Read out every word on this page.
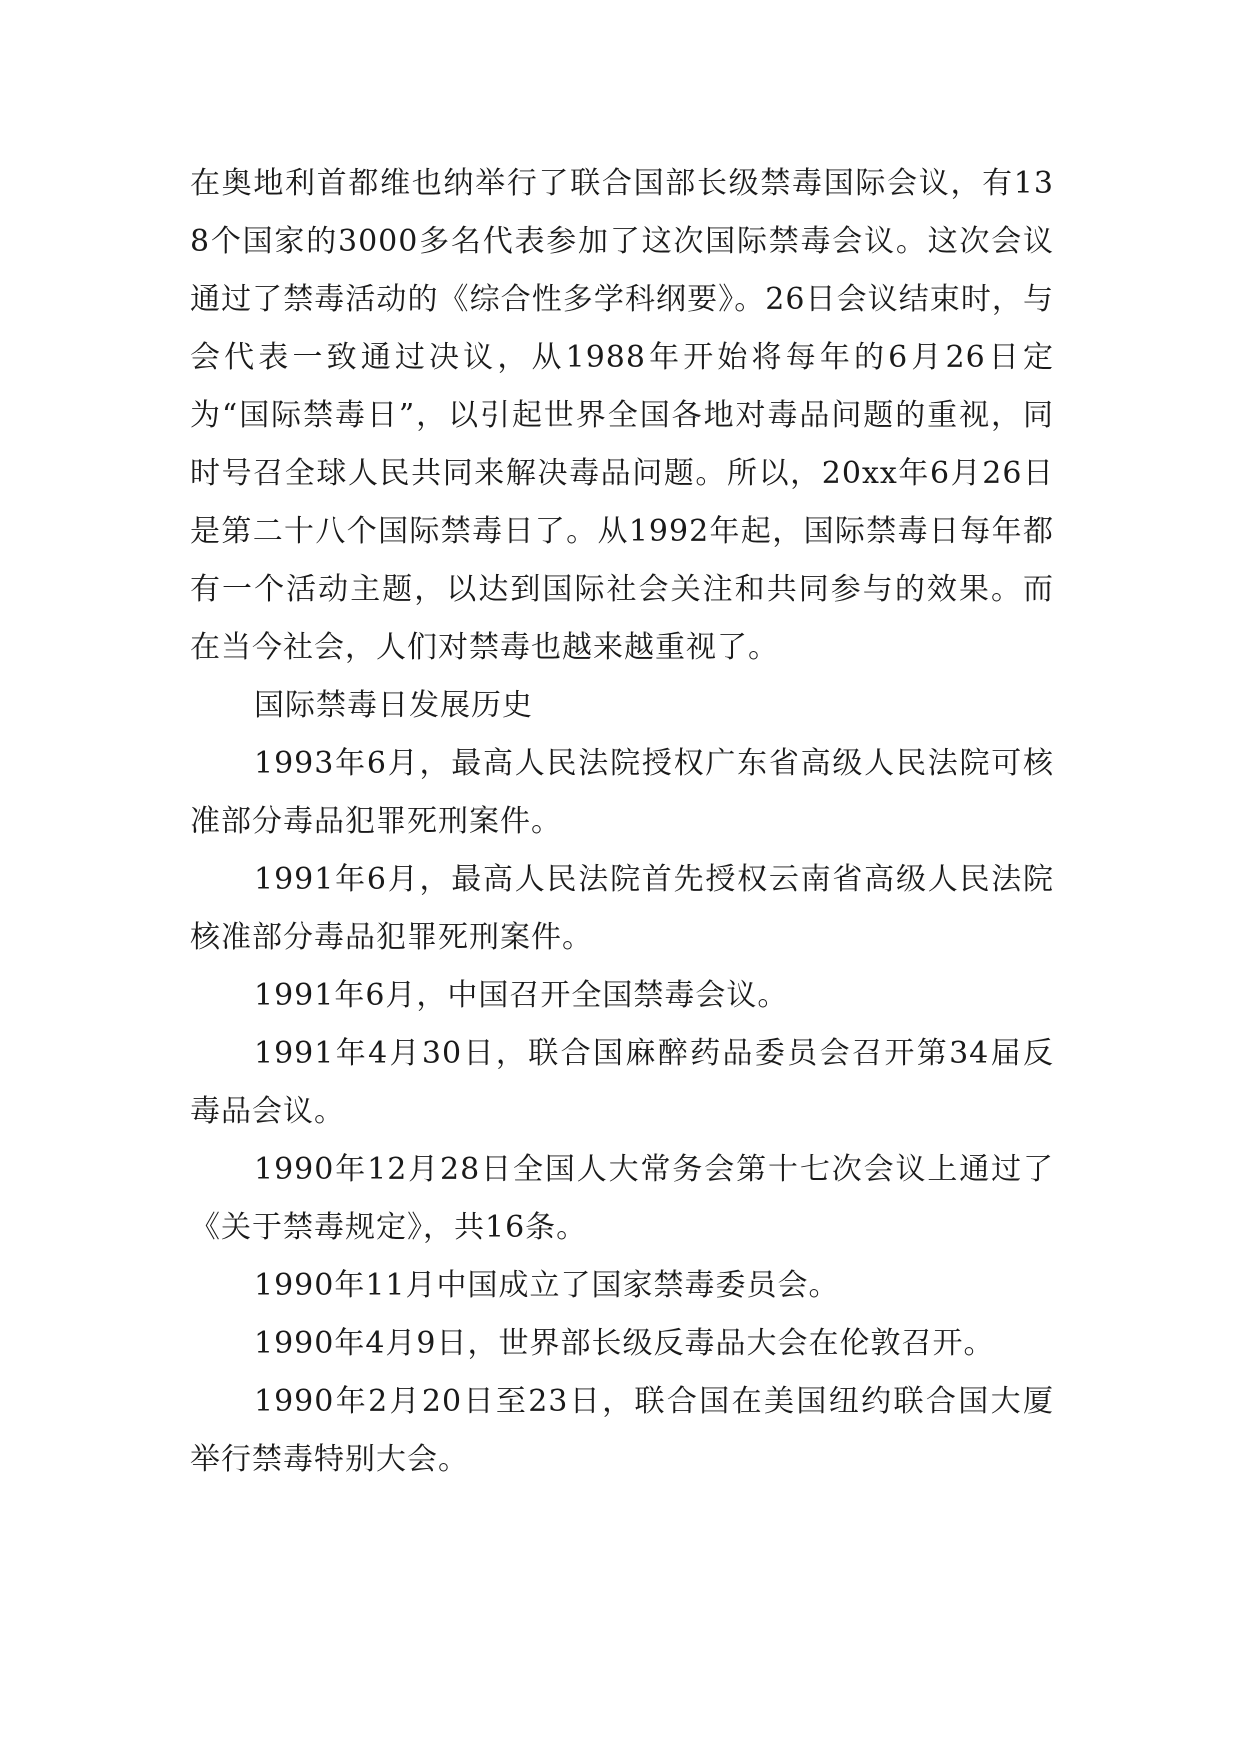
在奥地利首都维也纳举行了联合国部长级禁毒国际会议，有138个国家的3000多名代表参加了这次国际禁毒会议。这次会议通过了禁毒活动的《综合性多学科纲要》。26日会议结束时，与会代表一致通过决议，从1988年开始将每年的6月26日定为“国际禁毒日”，以引起世界全国各地对毒品问题的重视，同时号召全球人民共同来解决毒品问题。所以，20xx年6月26日是第二十八个国际禁毒日了。从1992年起，国际禁毒日每年都有一个活动主题，以达到国际社会关注和共同参与的效果。而在当今社会，人们对禁毒也越来越重视了。

国际禁毒日发展历史

1993年6月，最高人民法院授权广东省高级人民法院可核准部分毒品犯罪死刑案件。

1991年6月，最高人民法院首先授权云南省高级人民法院核准部分毒品犯罪死刑案件。

1991年6月，中国召开全国禁毒会议。

1991年4月30日，联合国麻醉药品委员会召开第34届反毒品会议。

1990年12月28日全国人大常务会第十七次会议上通过了《关于禁毒规定》，共16条。

1990年11月中国成立了国家禁毒委员会。

1990年4月9日，世界部长级反毒品大会在伦敦召开。

1990年2月20日至23日，联合国在美国纽约联合国大厦举行禁毒特别大会。
